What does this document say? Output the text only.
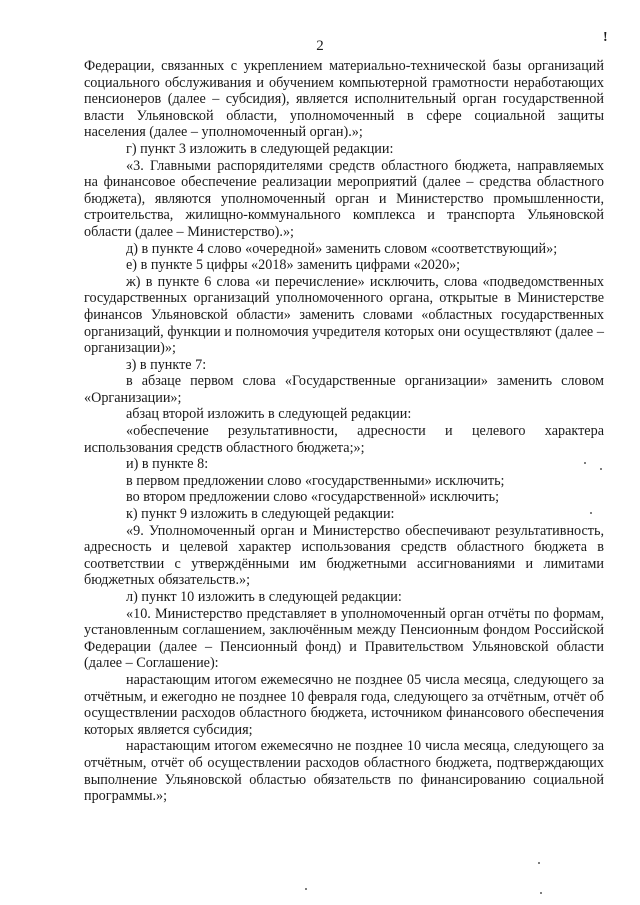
2
!

Федерации, связанных с укреплением материально-технической базы организаций социального обслуживания и обучением компьютерной грамотности неработающих пенсионеров (далее – субсидия), является исполнительный орган государственной власти Ульяновской области, уполномоченный в сфере социальной защиты населения (далее – уполномоченный орган).»;

г) пункт 3 изложить в следующей редакции:

«3. Главными распорядителями средств областного бюджета, направляемых на финансовое обеспечение реализации мероприятий (далее – средства областного бюджета), являются уполномоченный орган и Министерство промышленности, строительства, жилищно-коммунального комплекса и транспорта Ульяновской области (далее – Министерство).»;

д) в пункте 4 слово «очередной» заменить словом «соответствующий»;

е) в пункте 5 цифры «2018» заменить цифрами «2020»;

ж) в пункте 6 слова «и перечисление» исключить, слова «подведомственных государственных организаций уполномоченного органа, открытые в Министерстве финансов Ульяновской области» заменить словами «областных государственных организаций, функции и полномочия учредителя которых они осуществляют (далее – организации)»;

з) в пункте 7:

в абзаце первом слова «Государственные организации» заменить словом «Организации»;

абзац второй изложить в следующей редакции:

«обеспечение результативности, адресности и целевого характера использования средств областного бюджета;»;

и) в пункте 8:

в первом предложении слово «государственными» исключить;

во втором предложении слово «государственной» исключить;

к) пункт 9 изложить в следующей редакции:

«9. Уполномоченный орган и Министерство обеспечивают результативность, адресность и целевой характер использования средств областного бюджета в соответствии с утверждёнными им бюджетными ассигнованиями и лимитами бюджетных обязательств.»;

л) пункт 10 изложить в следующей редакции:

«10. Министерство представляет в уполномоченный орган отчёты по формам, установленным соглашением, заключённым между Пенсионным фондом Российской Федерации (далее – Пенсионный фонд) и Правительством Ульяновской области (далее – Соглашение):

нарастающим итогом ежемесячно не позднее 05 числа месяца, следующего за отчётным, и ежегодно не позднее 10 февраля года, следующего за отчётным, отчёт об осуществлении расходов областного бюджета, источником финансового обеспечения которых является субсидия;

нарастающим итогом ежемесячно не позднее 10 числа месяца, следующего за отчётным, отчёт об осуществлении расходов областного бюджета, подтверждающих выполнение Ульяновской областью обязательств по финансированию социальной программы.»;
